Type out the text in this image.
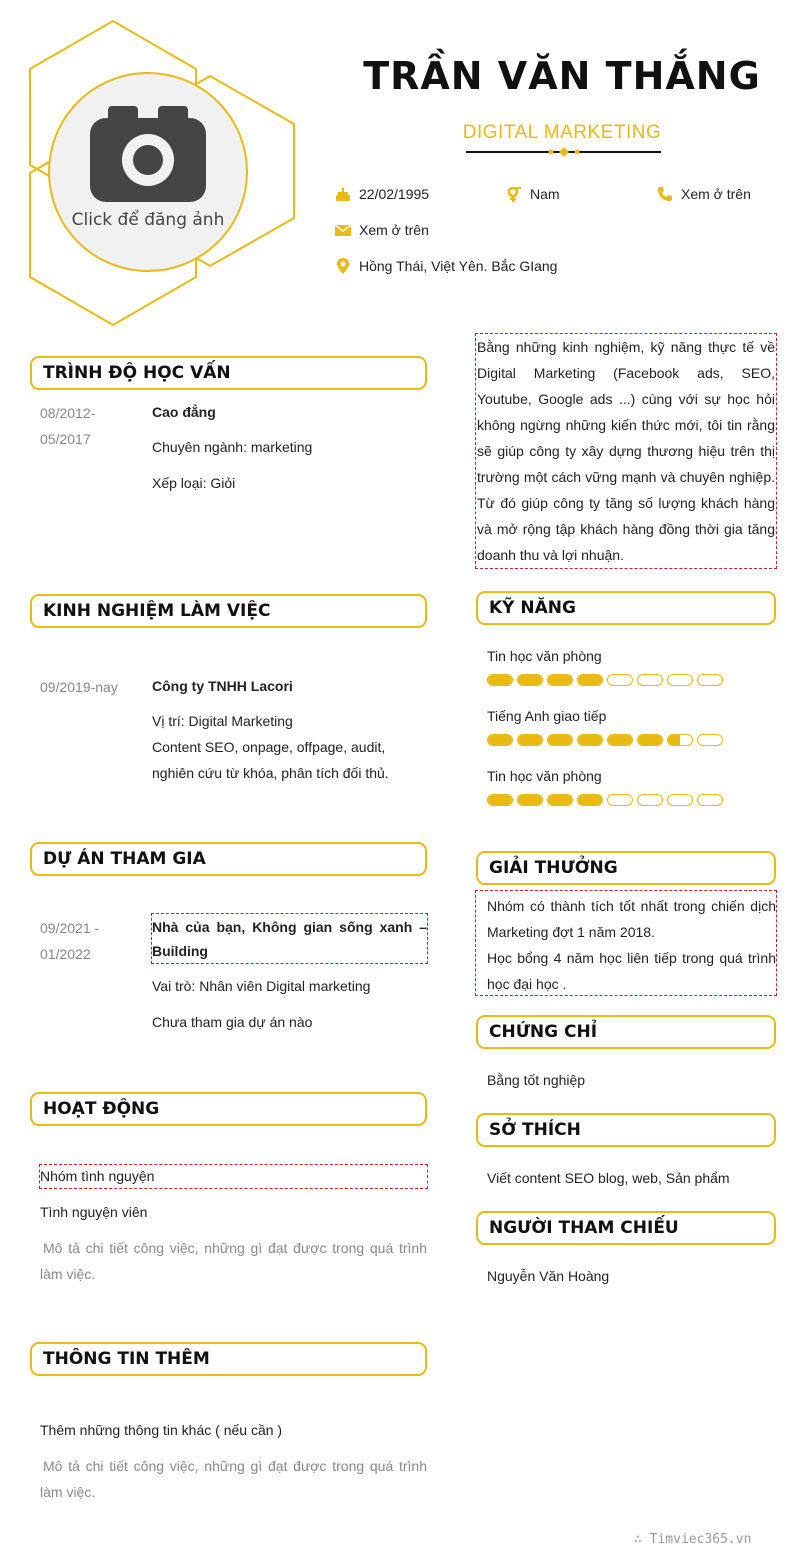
Click để đăng ảnh
TRẦN VĂN THẮNG
DIGITAL MARKETING
22/02/1995	Nam	Xem ở trên
Xem ở trên
Hồng Thái, Việt Yên. Bắc GIang
Bằng những kinh nghiệm, kỹ năng thực tế về Digital Marketing (Facebook ads, SEO, Youtube, Google ads ...) cùng với sự học hỏi không ngừng những kiến thức mới, tôi tin rằng sẽ giúp công ty xây dựng thương hiệu trên thị trường một cách vững mạnh và chuyên nghiệp. Từ đó giúp công ty tăng số lượng khách hàng và mở rộng tập khách hàng đồng thời gia tăng doanh thu và lợi nhuận.
TRÌNH ĐỘ HỌC VẤN
08/2012-
05/2017
Cao đẳng
Chuyên ngành: marketing
Xếp loại: Giỏi
KINH NGHIỆM LÀM VIỆC
09/2019-nay Công ty TNHH Lacori
Vị trí: Digital Marketing
Content SEO, onpage, offpage, audit, nghiên cứu từ khóa, phân tích đối thủ.
DỰ ÁN THAM GIA
09/2021 -
01/2022
Nhà của bạn, Không gian sống xanh – Building
Vai trò: Nhân viên Digital marketing
Chưa tham gia dự án nào
HOẠT ĐỘNG
Nhóm tình nguyện
Tình nguyện viên
Mô tả chi tiết công việc, những gì đạt được trong quá trình làm việc.
THÔNG TIN THÊM
Thêm những thông tin khác ( nếu cần )
Mô tả chi tiết công việc, những gì đạt được trong quá trình làm việc.
KỸ NĂNG
Tin học văn phòng
Tiếng Anh giao tiếp
Tin học văn phòng
GIẢI THƯỞNG
Nhóm có thành tích tốt nhất trong chiến dịch Marketing đợt 1 năm 2018.
Học bổng 4 năm học liên tiếp trong quá trình học đại học .
CHỨNG CHỈ
Bằng tốt nghiệp
SỞ THÍCH
Viết content SEO blog, web, Sản phẩm
NGƯỜI THAM CHIẾU
Nguyễn Văn Hoàng
∴ Timviec365.vn
